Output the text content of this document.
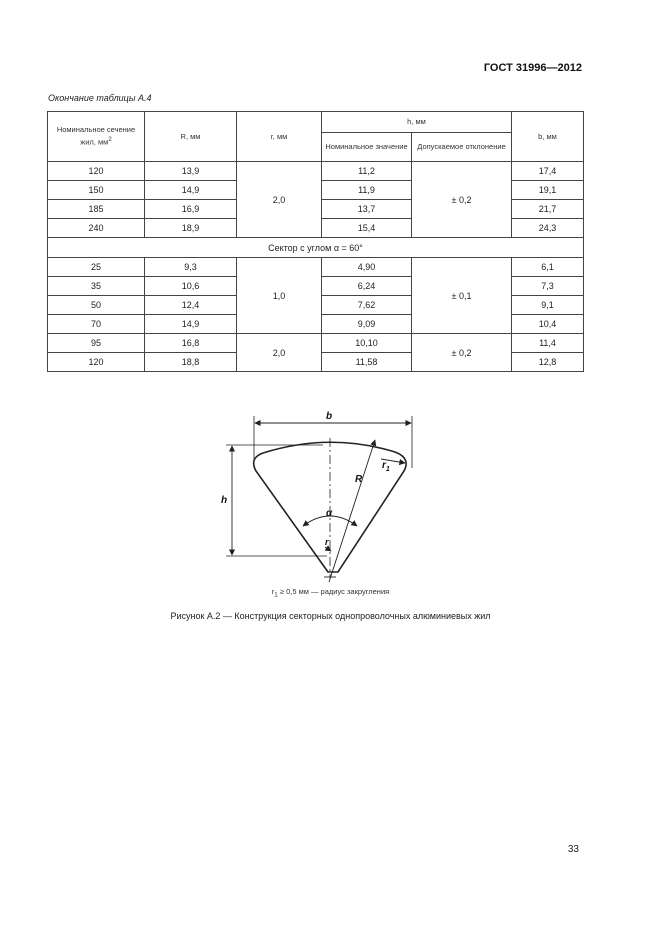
ГОСТ 31996—2012
Окончание таблицы А.4
Номинальное сечение жил, $мм^2$	R, мм	r, мм	h, мм		b, мм
			Номинальное значение	Допускаемое отклонение	
120	13,9	2,0	11,2	± 0,2	17,4
150	14,9		11,9		19,1
185	16,9		13,7		21,7
240	18,9		15,4		24,3
Сектор с углом α = 60°					
25	9,3	1,0	4,90	± 0,1	6,1
35	10,6		6,24		7,3
50	12,4		7,62		9,1
70	14,9		9,09		10,4
95	16,8	2,0	10,10	± 0,2	11,4
120	18,8		11,58		12,8
b
h
R
$r_1$
α
r
$r_1 \ge 0,5$ мм — радиус закругления
Рисунок А.2 — Конструкция секторных однопроволочных алюминиевых жил
33
